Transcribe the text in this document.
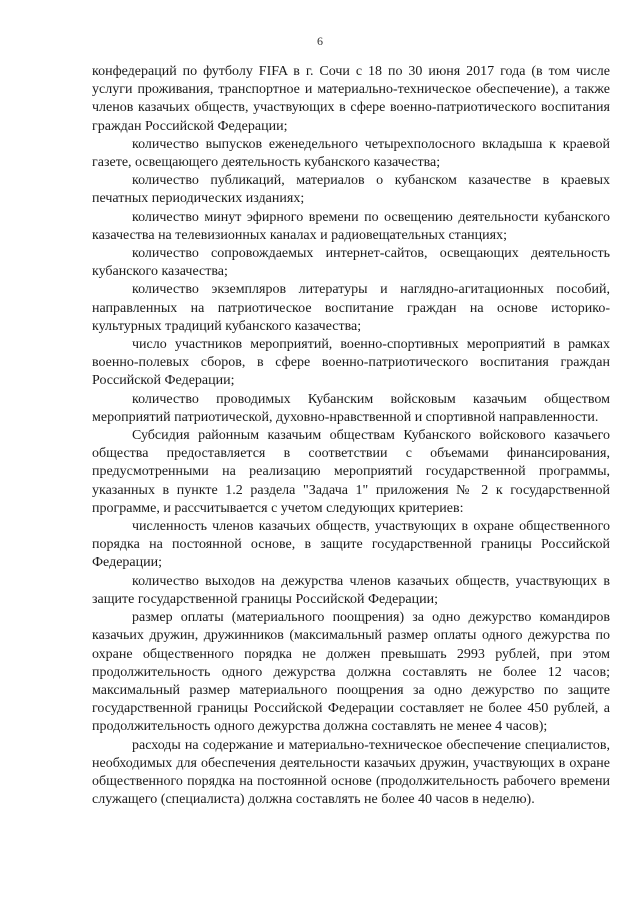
6

конфедераций по футболу FIFA в г. Сочи с 18 по 30 июня 2017 года (в том числе услуги проживания, транспортное и материально-техническое обеспечение), а также членов казачьих обществ, участвующих в сфере военно-патриотического воспитания граждан Российской Федерации;

количество выпусков еженедельного четырехполосного вкладыша к краевой газете, освещающего деятельность кубанского казачества;

количество публикаций, материалов о кубанском казачестве в краевых печатных периодических изданиях;

количество минут эфирного времени по освещению деятельности кубанского казачества на телевизионных каналах и радиовещательных станциях;

количество сопровождаемых интернет-сайтов, освещающих деятельность кубанского казачества;

количество экземпляров литературы и наглядно-агитационных пособий, направленных на патриотическое воспитание граждан на основе историко-культурных традиций кубанского казачества;

число участников мероприятий, военно-спортивных мероприятий в рамках военно-полевых сборов, в сфере военно-патриотического воспитания граждан Российской Федерации;

количество проводимых Кубанским войсковым казачьим обществом мероприятий патриотической, духовно-нравственной и спортивной направленности.

Субсидия районным казачьим обществам Кубанского войскового казачьего общества предоставляется в соответствии с объемами финансирования, предусмотренными на реализацию мероприятий государственной программы, указанных в пункте 1.2 раздела "Задача 1" приложения № 2 к государственной программе, и рассчитывается с учетом следующих критериев:

численность членов казачьих обществ, участвующих в охране общественного порядка на постоянной основе, в защите государственной границы Российской Федерации;

количество выходов на дежурства членов казачьих обществ, участвующих в защите государственной границы Российской Федерации;

размер оплаты (материального поощрения) за одно дежурство командиров казачьих дружин, дружинников (максимальный размер оплаты одного дежурства по охране общественного порядка не должен превышать 2993 рублей, при этом продолжительность одного дежурства должна составлять не более 12 часов; максимальный размер материального поощрения за одно дежурство по защите государственной границы Российской Федерации составляет не более 450 рублей, а продолжительность одного дежурства должна составлять не менее 4 часов);

расходы на содержание и материально-техническое обеспечение специалистов, необходимых для обеспечения деятельности казачьих дружин, участвующих в охране общественного порядка на постоянной основе (продолжительность рабочего времени служащего (специалиста) должна составлять не более 40 часов в неделю).
